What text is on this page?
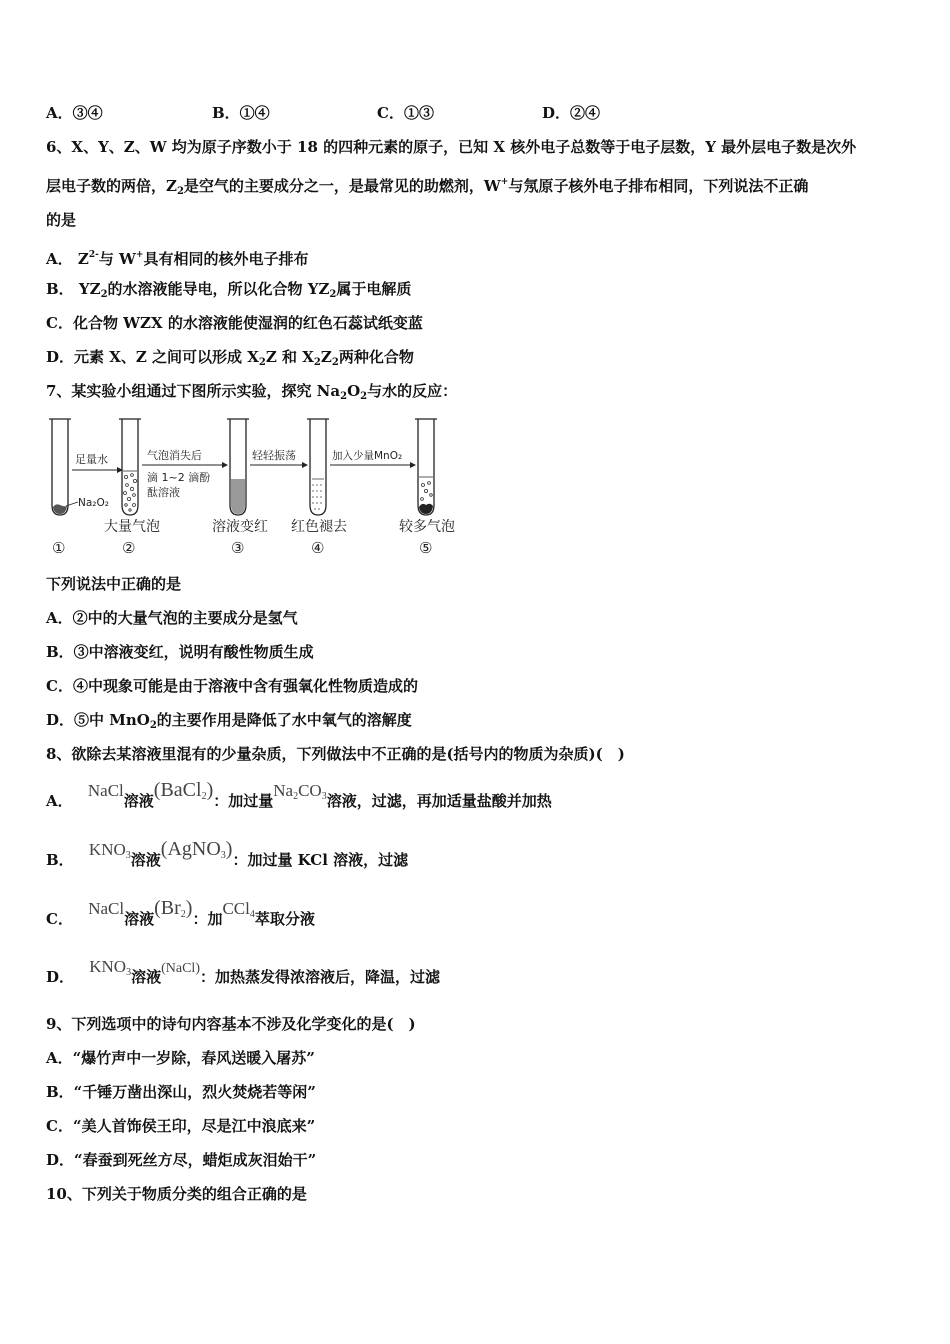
A．③④	B．①④	C．①③	D．②④
6、X、Y、Z、W 均为原子序数小于 18 的四种元素的原子，已知 X 核外电子总数等于电子层数，Y 最外层电子数是次外
层电子数的两倍，$Z_2$是空气的主要成分之一，是最常见的助燃剂，W+与氖原子核外电子排布相同，下列说法不正确
的是
A． $Z^{2-}$与 W+具有相同的核外电子排布
B． $YZ_2$的水溶液能导电，所以化合物 $YZ_2$属于电解质
C．化合物 WZX 的水溶液能使湿润的红色石蕊试纸变蓝
D．元素 X、Z 之间可以形成 $X_2Z$ 和 $X_2Z_2$两种化合物
7、某实验小组通过下图所示实验，探究 $Na_2O_2$与水的反应：
Na₂O₂
足量水	气泡消失后
滴 1~2 滴酚
酞溶液
轻轻振荡	加入少量MnO₂
大量气泡	溶液变红 红色褪去	较多气泡
①	②	③	④	⑤
下列说法中正确的是
A．②中的大量气泡的主要成分是氢气
B．③中溶液变红，说明有酸性物质生成
C．④中现象可能是由于溶液中含有强氧化性物质造成的
D．⑤中 MnO$_2$的主要作用是降低了水中氧气的溶解度
8、欲除去某溶液里混有的少量杂质，下列做法中不正确的是(括号内的物质为杂质)(　)
A． NaCl溶液(BaCl$_2$)：加过量$Na_2CO_3$溶液，过滤，再加适量盐酸并加热
B． $KNO_3$溶液(AgNO$_3$)：加过量 KCl 溶液，过滤
C． NaCl溶液$(Br_2)$：加CCl$_4$萃取分液
D． $KNO_3$溶液(NaCl)：加热蒸发得浓溶液后，降温，过滤
9、下列选项中的诗句内容基本不涉及化学变化的是(　)
A．“爆竹声中一岁除，春风送暖入屠苏”
B．“千锤万凿出深山，烈火焚烧若等闲”
C．“美人首饰侯王印，尽是江中浪底来”
D．“春蚕到死丝方尽，蜡炬成灰泪始干”
10、下列关于物质分类的组合正确的是
